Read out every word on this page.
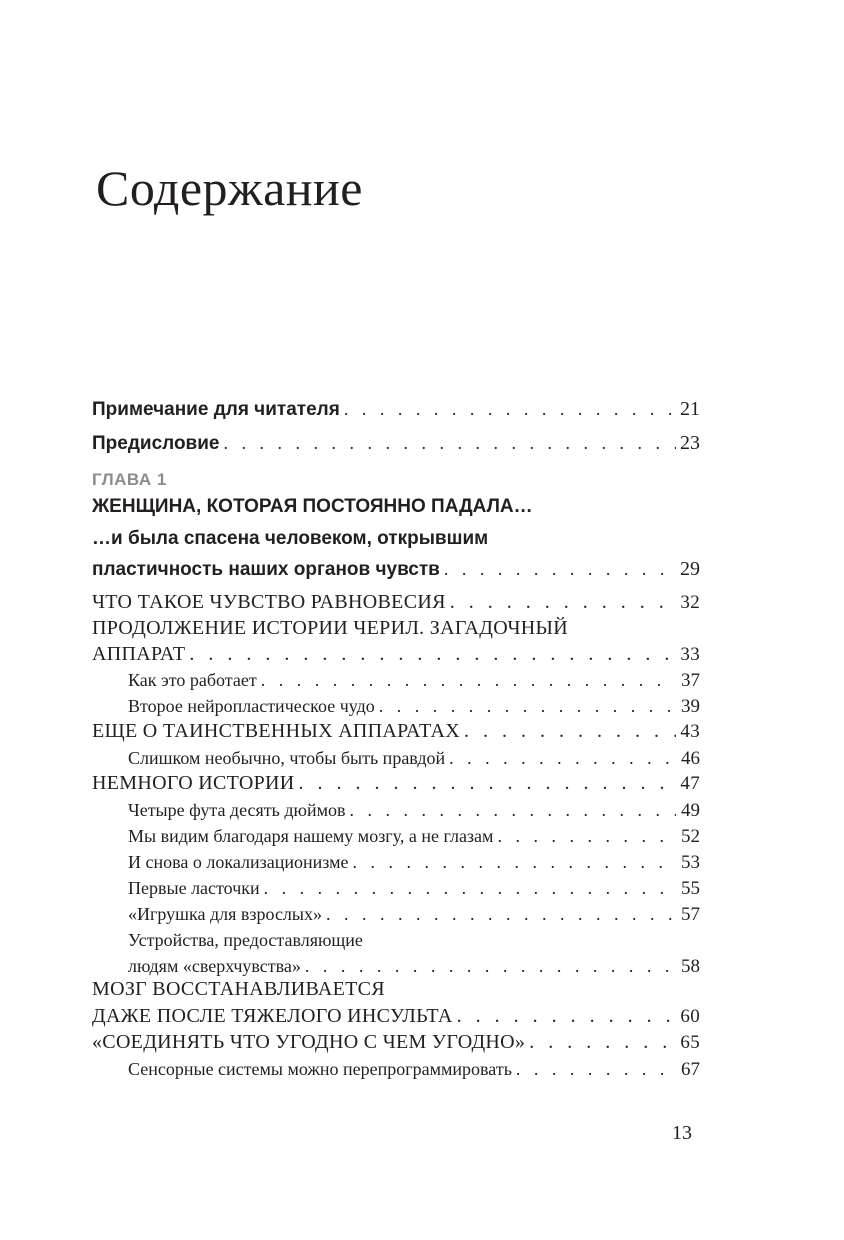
Содержание
Примечание для читателя . . .	21
Предисловие . . .	23
ГЛАВА 1
ЖЕНЩИНА, КОТОРАЯ ПОСТОЯННО ПАДАЛА…
…и была спасена человеком, открывшим
пластичность наших органов чувств . . .	29
ЧТО ТАКОЕ ЧУВСТВО РАВНОВЕСИЯ . . .	32
ПРОДОЛЖЕНИЕ ИСТОРИИ ЧЕРИЛ. ЗАГАДОЧНЫЙ
АППАРАТ . . .	33
Как это работает . . .	37
Второе нейропластическое чудо . . .	39
ЕЩЕ О ТАИНСТВЕННЫХ АППАРАТАХ . . .	43
Слишком необычно, чтобы быть правдой . . .	46
НЕМНОГО ИСТОРИИ . . .	47
Четыре фута десять дюймов . . .	49
Мы видим благодаря нашему мозгу, а не глазам . . .	52
И снова о локализационизме . . .	53
Первые ласточки . . .	55
«Игрушка для взрослых» . . .	57
Устройства, предоставляющие
людям «сверхчувства» . . .	58
МОЗГ ВОССТАНАВЛИВАЕТСЯ
ДАЖЕ ПОСЛЕ ТЯЖЕЛОГО ИНСУЛЬТА . . .	60
«СОЕДИНЯТЬ ЧТО УГОДНО С ЧЕМ УГОДНО» . . .	65
Сенсорные системы можно перепрограммировать . . .	67
13
